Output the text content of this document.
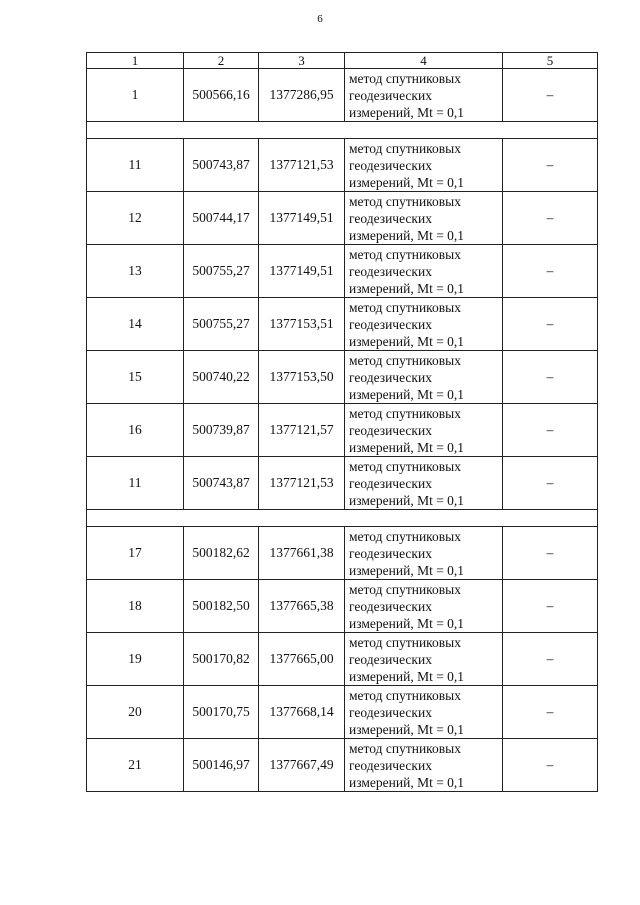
6
1	2	3	4	5
1	500566,16	1377286,95	метод спутниковых
геодезических
измерений, Mt = 0,1	–

11	500743,87	1377121,53	метод спутниковых
геодезических
измерений, Mt = 0,1	–
12	500744,17	1377149,51	метод спутниковых
геодезических
измерений, Mt = 0,1	–
13	500755,27	1377149,51	метод спутниковых
геодезических
измерений, Mt = 0,1	–
14	500755,27	1377153,51	метод спутниковых
геодезических
измерений, Mt = 0,1	–
15	500740,22	1377153,50	метод спутниковых
геодезических
измерений, Mt = 0,1	–
16	500739,87	1377121,57	метод спутниковых
геодезических
измерений, Mt = 0,1	–
11	500743,87	1377121,53	метод спутниковых
геодезических
измерений, Mt = 0,1	–

17	500182,62	1377661,38	метод спутниковых
геодезических
измерений, Mt = 0,1	–
18	500182,50	1377665,38	метод спутниковых
геодезических
измерений, Mt = 0,1	–
19	500170,82	1377665,00	метод спутниковых
геодезических
измерений, Mt = 0,1	–
20	500170,75	1377668,14	метод спутниковых
геодезических
измерений, Mt = 0,1	–
21	500146,97	1377667,49	метод спутниковых
геодезических
измерений, Mt = 0,1	–
